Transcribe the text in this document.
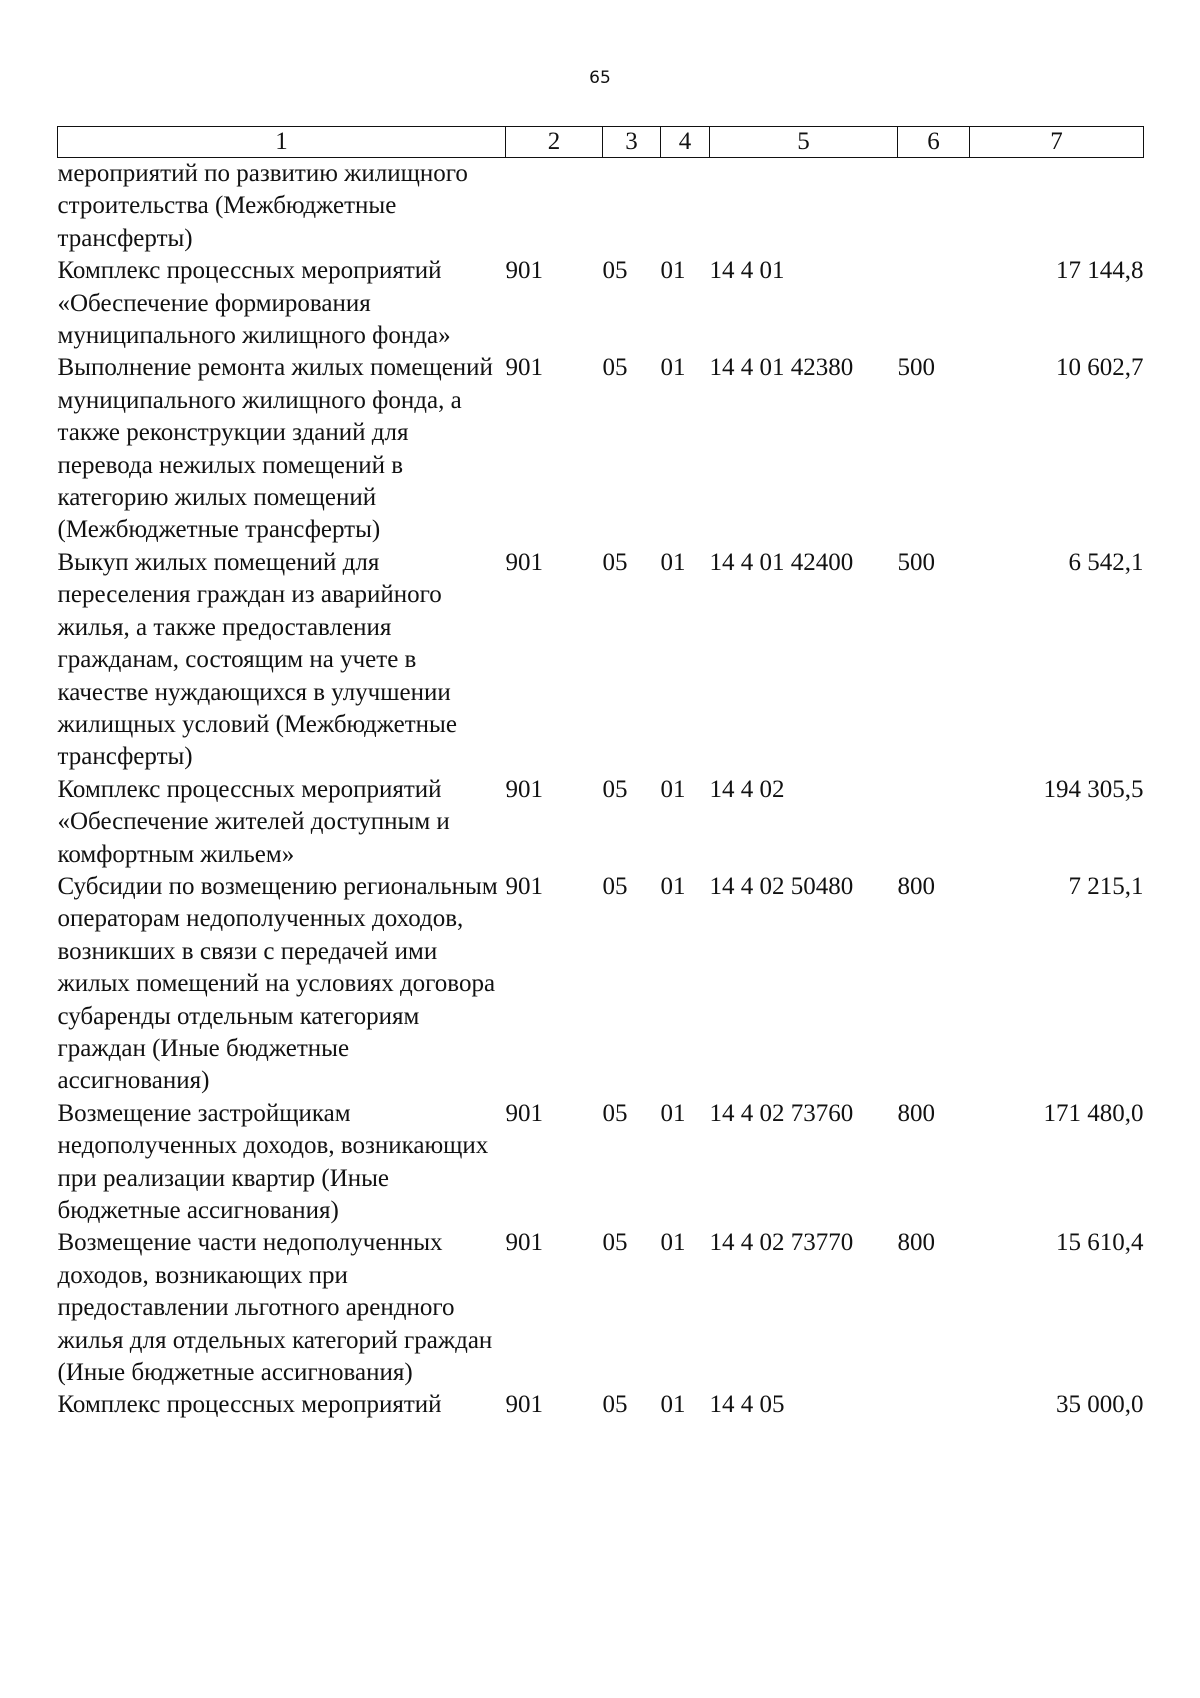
65
1	2	3	4	5	6	7
мероприятий по развитию жилищного строительства (Межбюджетные трансферты)						
Комплекс процессных мероприятий «Обеспечение формирования муниципального жилищного фонда»	901	05	01	14 4 01		17 144,8
Выполнение ремонта жилых помещений муниципального жилищного фонда, а также реконструкции зданий для перевода нежилых помещений в категорию жилых помещений (Межбюджетные трансферты)	901	05	01	14 4 01 42380	500	10 602,7
Выкуп жилых помещений для переселения граждан из аварийного жилья, а также предоставления гражданам, состоящим на учете в качестве нуждающихся в улучшении жилищных условий (Межбюджетные трансферты)	901	05	01	14 4 01 42400	500	6 542,1
Комплекс процессных мероприятий «Обеспечение жителей доступным и комфортным жильем»	901	05	01	14 4 02		194 305,5
Субсидии по возмещению региональным операторам недополученных доходов, возникших в связи с передачей ими жилых помещений на условиях договора субаренды отдельным категориям граждан (Иные бюджетные ассигнования)	901	05	01	14 4 02 50480	800	7 215,1
Возмещение застройщикам недополученных доходов, возникающих при реализации квартир (Иные бюджетные ассигнования)	901	05	01	14 4 02 73760	800	171 480,0
Возмещение части недополученных доходов, возникающих при предоставлении льготного арендного жилья для отдельных категорий граждан (Иные бюджетные ассигнования)	901	05	01	14 4 02 73770	800	15 610,4
Комплекс процессных мероприятий	901	05	01	14 4 05		35 000,0
